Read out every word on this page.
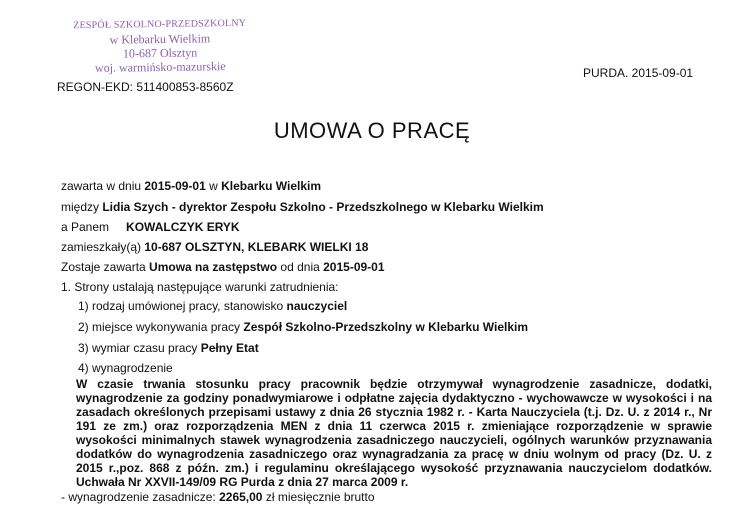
ZESPÓŁ SZKOLNO-PRZEDSZKOLNY
w Klebarku Wielkim
10-687 Olsztyn
woj. warmińsko-mazurskie
REGON-EKD: 511400853-8560Z
PURDA. 2015-09-01
UMOWA O PRACĘ
zawarta w dniu 2015-09-01 w Klebarku Wielkim
między Lidia Szych - dyrektor Zespołu Szkolno - Przedszkolnego w Klebarku Wielkim
a Panem KOWALCZYK ERYK
zamieszkały(ą) 10-687 OLSZTYN, KLEBARK WIELKI 18
Zostaje zawarta Umowa na zastępstwo od dnia 2015-09-01
1. Strony ustalają następujące warunki zatrudnienia:
1) rodzaj umówionej pracy, stanowisko nauczyciel
2) miejsce wykonywania pracy Zespół Szkolno-Przedszkolny w Klebarku Wielkim
3) wymiar czasu pracy Pełny Etat
4) wynagrodzenie
W czasie trwania stosunku pracy pracownik będzie otrzymywał wynagrodzenie zasadnicze, dodatki, wynagrodzenie za godziny ponadwymiarowe i odpłatne zajęcia dydaktyczno - wychowawcze w wysokości i na zasadach określonych przepisami ustawy z dnia 26 stycznia 1982 r. - Karta Nauczyciela (t.j. Dz. U. z 2014 r., Nr 191 ze zm.) oraz rozporządzenia MEN z dnia 11 czerwca 2015 r. zmieniające rozporządzenie w sprawie wysokości minimalnych stawek wynagrodzenia zasadniczego nauczycieli, ogólnych warunków przyznawania dodatków do wynagrodzenia zasadniczego oraz wynagradzania za pracę w dniu wolnym od pracy (Dz. U. z 2015 r.,poz. 868 z późn. zm.) i regulaminu określającego wysokość przyznawania nauczycielom dodatków. Uchwała Nr XXVII-149/09 RG Purda z dnia 27 marca 2009 r.
- wynagrodzenie zasadnicze: 2265,00 zł miesięcznie brutto
